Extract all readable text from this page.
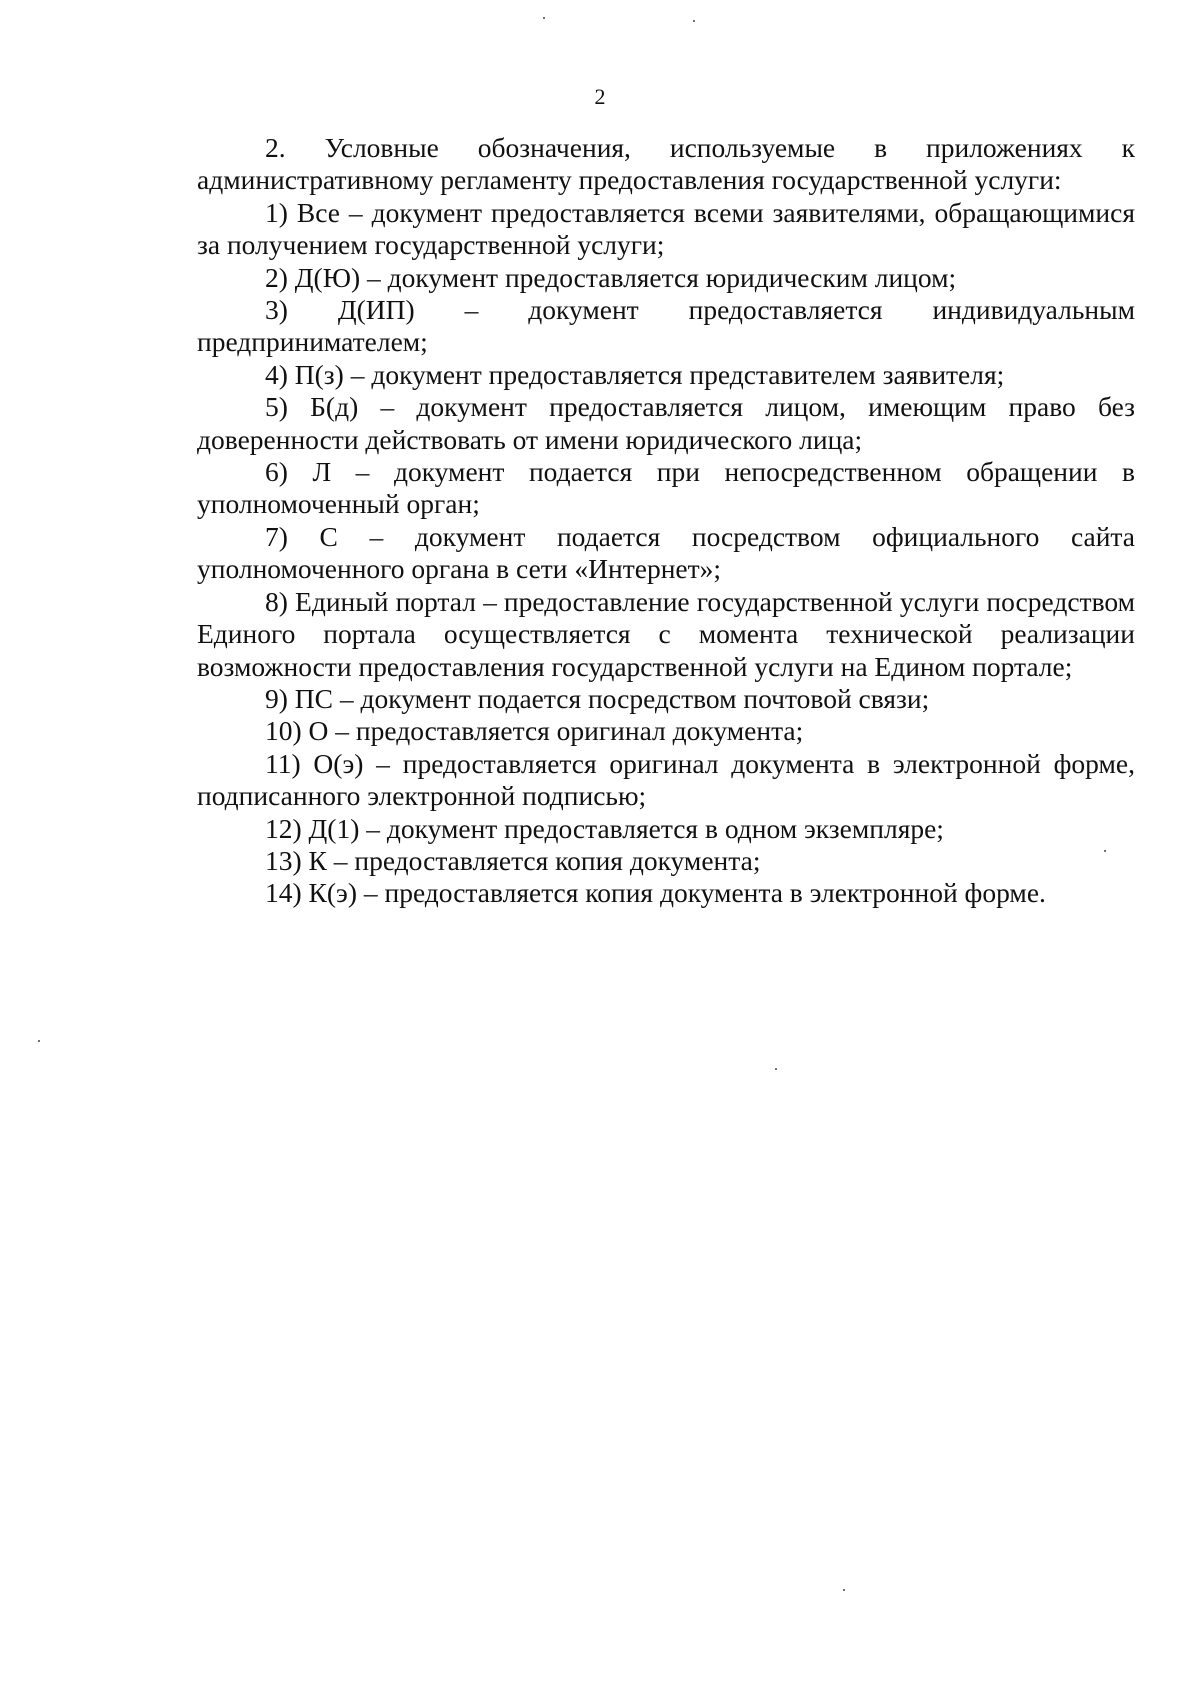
2

2. Условные обозначения, используемые в приложениях к административному регламенту предоставления государственной услуги:

1) Все – документ предоставляется всеми заявителями, обращающимися за получением государственной услуги;

2) Д(Ю) – документ предоставляется юридическим лицом;

3) Д(ИП) – документ предоставляется индивидуальным предпринимателем;

4) П(з) – документ предоставляется представителем заявителя;

5) Б(д) – документ предоставляется лицом, имеющим право без доверенности действовать от имени юридического лица;

6) Л – документ подается при непосредственном обращении в уполномоченный орган;

7) С – документ подается посредством официального сайта уполномоченного органа в сети «Интернет»;

8) Единый портал – предоставление государственной услуги посредством Единого портала осуществляется с момента технической реализации возможности предоставления государственной услуги на Едином портале;

9) ПС – документ подается посредством почтовой связи;

10) О – предоставляется оригинал документа;

11) О(э) – предоставляется оригинал документа в электронной форме, подписанного электронной подписью;

12) Д(1) – документ предоставляется в одном экземпляре;

13) К – предоставляется копия документа;

14) К(э) – предоставляется копия документа в электронной форме.
